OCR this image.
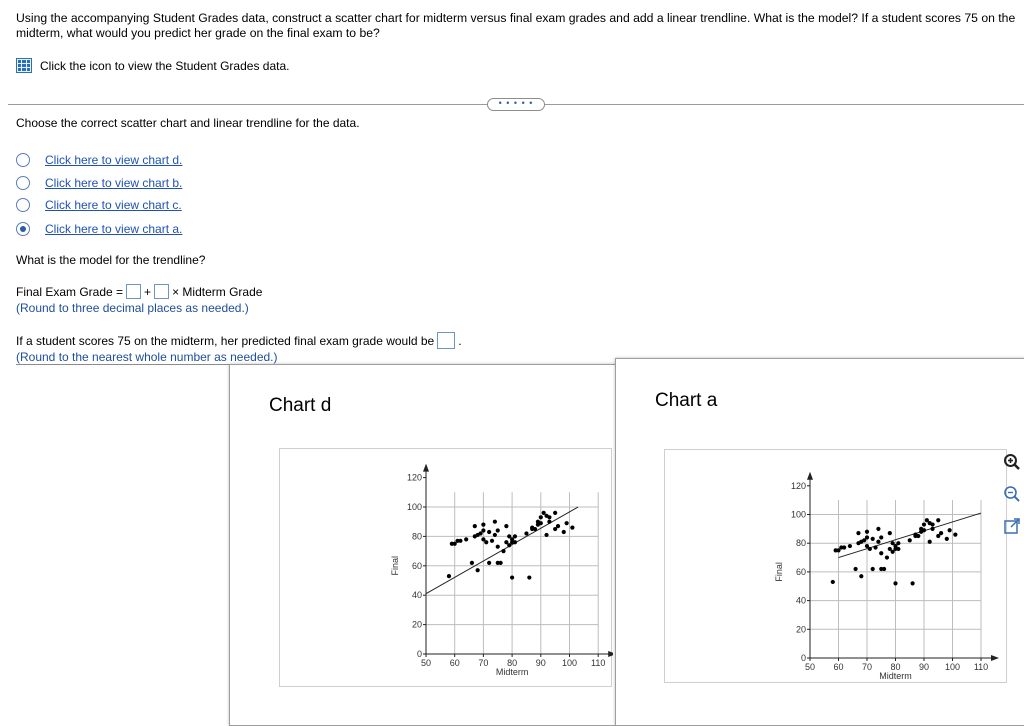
Using the accompanying Student Grades data, construct a scatter chart for midterm versus final exam grades and add a linear trendline. What is the model? If a student scores 75 on the midterm, what would you predict her grade on the final exam to be?
Click the icon to view the Student Grades data.
• • • • •
Choose the correct scatter chart and linear trendline for the data.
Click here to view chart d.
Click here to view chart b.
Click here to view chart c.
Click here to view chart a.
What is the model for the trendline?
Final Exam Grade = + × Midterm Grade
(Round to three decimal places as needed.)
If a student scores 75 on the midterm, her predicted final exam grade would be .
(Round to the nearest whole number as needed.)
Chart d
50 60 70 80 90 100 110
0
20
40
60
80
100
120
Midterm
Final
Chart a
50 60 70 80 90 100 110
0
20
40
60
80
100
120
Midterm
Final
